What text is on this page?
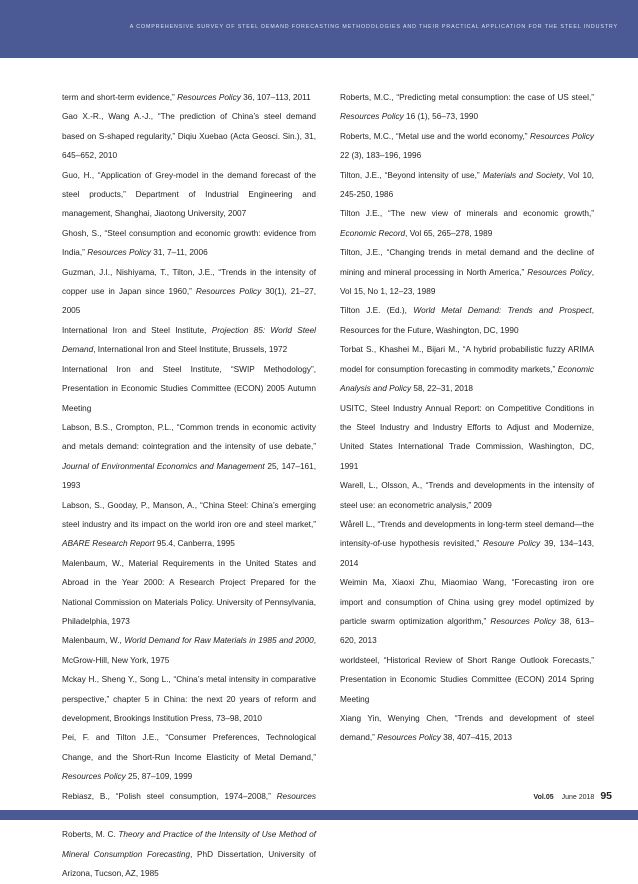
A COMPREHENSIVE SURVEY OF STEEL DEMAND FORECASTING METHODOLOGIES AND THEIR PRACTICAL APPLICATION FOR THE STEEL INDUSTRY

term and short-term evidence,” Resources Policy 36, 107–113, 2011

Gao X.-R., Wang A.-J., “The prediction of China’s steel demand based on S-shaped regularity,” Diqiu Xuebao (Acta Geosci. Sin.), 31, 645–652, 2010

Guo, H., “Application of Grey-model in the demand forecast of the steel products,” Department of Industrial Engineering and management, Shanghai, Jiaotong University, 2007

Ghosh, S., “Steel consumption and economic growth: evidence from India,” Resources Policy 31, 7–11, 2006

Guzman, J.I., Nishiyama, T., Tilton, J.E., “Trends in the intensity of copper use in Japan since 1960,” Resources Policy 30(1), 21–27, 2005

International Iron and Steel Institute, Projection 85: World Steel Demand, International Iron and Steel Institute, Brussels, 1972

International Iron and Steel Institute, “SWIP Methodology”, Presentation in Economic Studies Committee (ECON) 2005 Autumn Meeting

Labson, B.S., Crompton, P.L., “Common trends in economic activity and metals demand: cointegration and the intensity of use debate,” Journal of Environmental Economics and Management 25, 147–161, 1993

Labson, S., Gooday, P., Manson, A., “China Steel: China’s emerging steel industry and its impact on the world iron ore and steel market,” ABARE Research Report 95.4, Canberra, 1995

Malenbaum, W., Material Requirements in the United States and Abroad in the Year 2000: A Research Project Prepared for the National Commission on Materials Policy. University of Pennsylvania, Philadelphia, 1973

Malenbaum, W., World Demand for Raw Materials in 1985 and 2000, McGrow-Hill, New York, 1975

Mckay H., Sheng Y., Song L., “China’s metal intensity in comparative perspective,” chapter 5 in China: the next 20 years of reform and development, Brookings Institution Press, 73–98, 2010

Pei, F. and Tilton J.E., “Consumer Preferences, Technological Change, and the Short-Run Income Elasticity of Metal Demand,” Resources Policy 25, 87–109, 1999

Rebiasz, B., “Polish steel consumption, 1974–2008,” Resources

Roberts, M. C. Theory and Practice of the Intensity of Use Method of Mineral Consumption Forecasting, PhD Dissertation, University of Arizona, Tucson, AZ, 1985

Roberts, M.C., “Predicting metal consumption: the case of US steel,” Resources Policy 16 (1), 56–73, 1990

Roberts, M.C., “Metal use and the world economy,” Resources Policy 22 (3), 183–196, 1996

Tilton, J.E., “Beyond intensity of use,” Materials and Society, Vol 10, 245-250, 1986

Tilton J.E., “The new view of minerals and economic growth,” Economic Record, Vol 65, 265–278, 1989

Tilton, J.E., “Changing trends in metal demand and the decline of mining and mineral processing in North America,” Resources Policy, Vol 15, No 1, 12–23, 1989

Tilton J.E. (Ed.), World Metal Demand: Trends and Prospect, Resources for the Future, Washington, DC, 1990

Torbat S., Khashei M., Bijari M., “A hybrid probabilistic fuzzy ARIMA model for consumption forecasting in commodity markets,” Economic Analysis and Policy 58, 22–31, 2018

USITC, Steel Industry Annual Report: on Competitive Conditions in the Steel Industry and Industry Efforts to Adjust and Modernize, United States International Trade Commission, Washington, DC, 1991

Warell, L., Olsson, A., “Trends and developments in the intensity of steel use: an econometric analysis,” 2009

Wårell L., “Trends and developments in long-term steel demand—the intensity-of-use hypothesis revisited,” Resoure Policy 39, 134–143, 2014

Weimin Ma, Xiaoxi Zhu, Miaomiao Wang, “Forecasting iron ore import and consumption of China using grey model optimized by particle swarm optimization algorithm,” Resources Policy 38, 613–620, 2013

worldsteel, “Historical Review of Short Range Outlook Forecasts,” Presentation in Economic Studies Committee (ECON) 2014 Spring Meeting

Xiang Yin, Wenying Chen, “Trends and development of steel demand,” Resources Policy 38, 407–415, 2013

Vol.05 June 2018 95
